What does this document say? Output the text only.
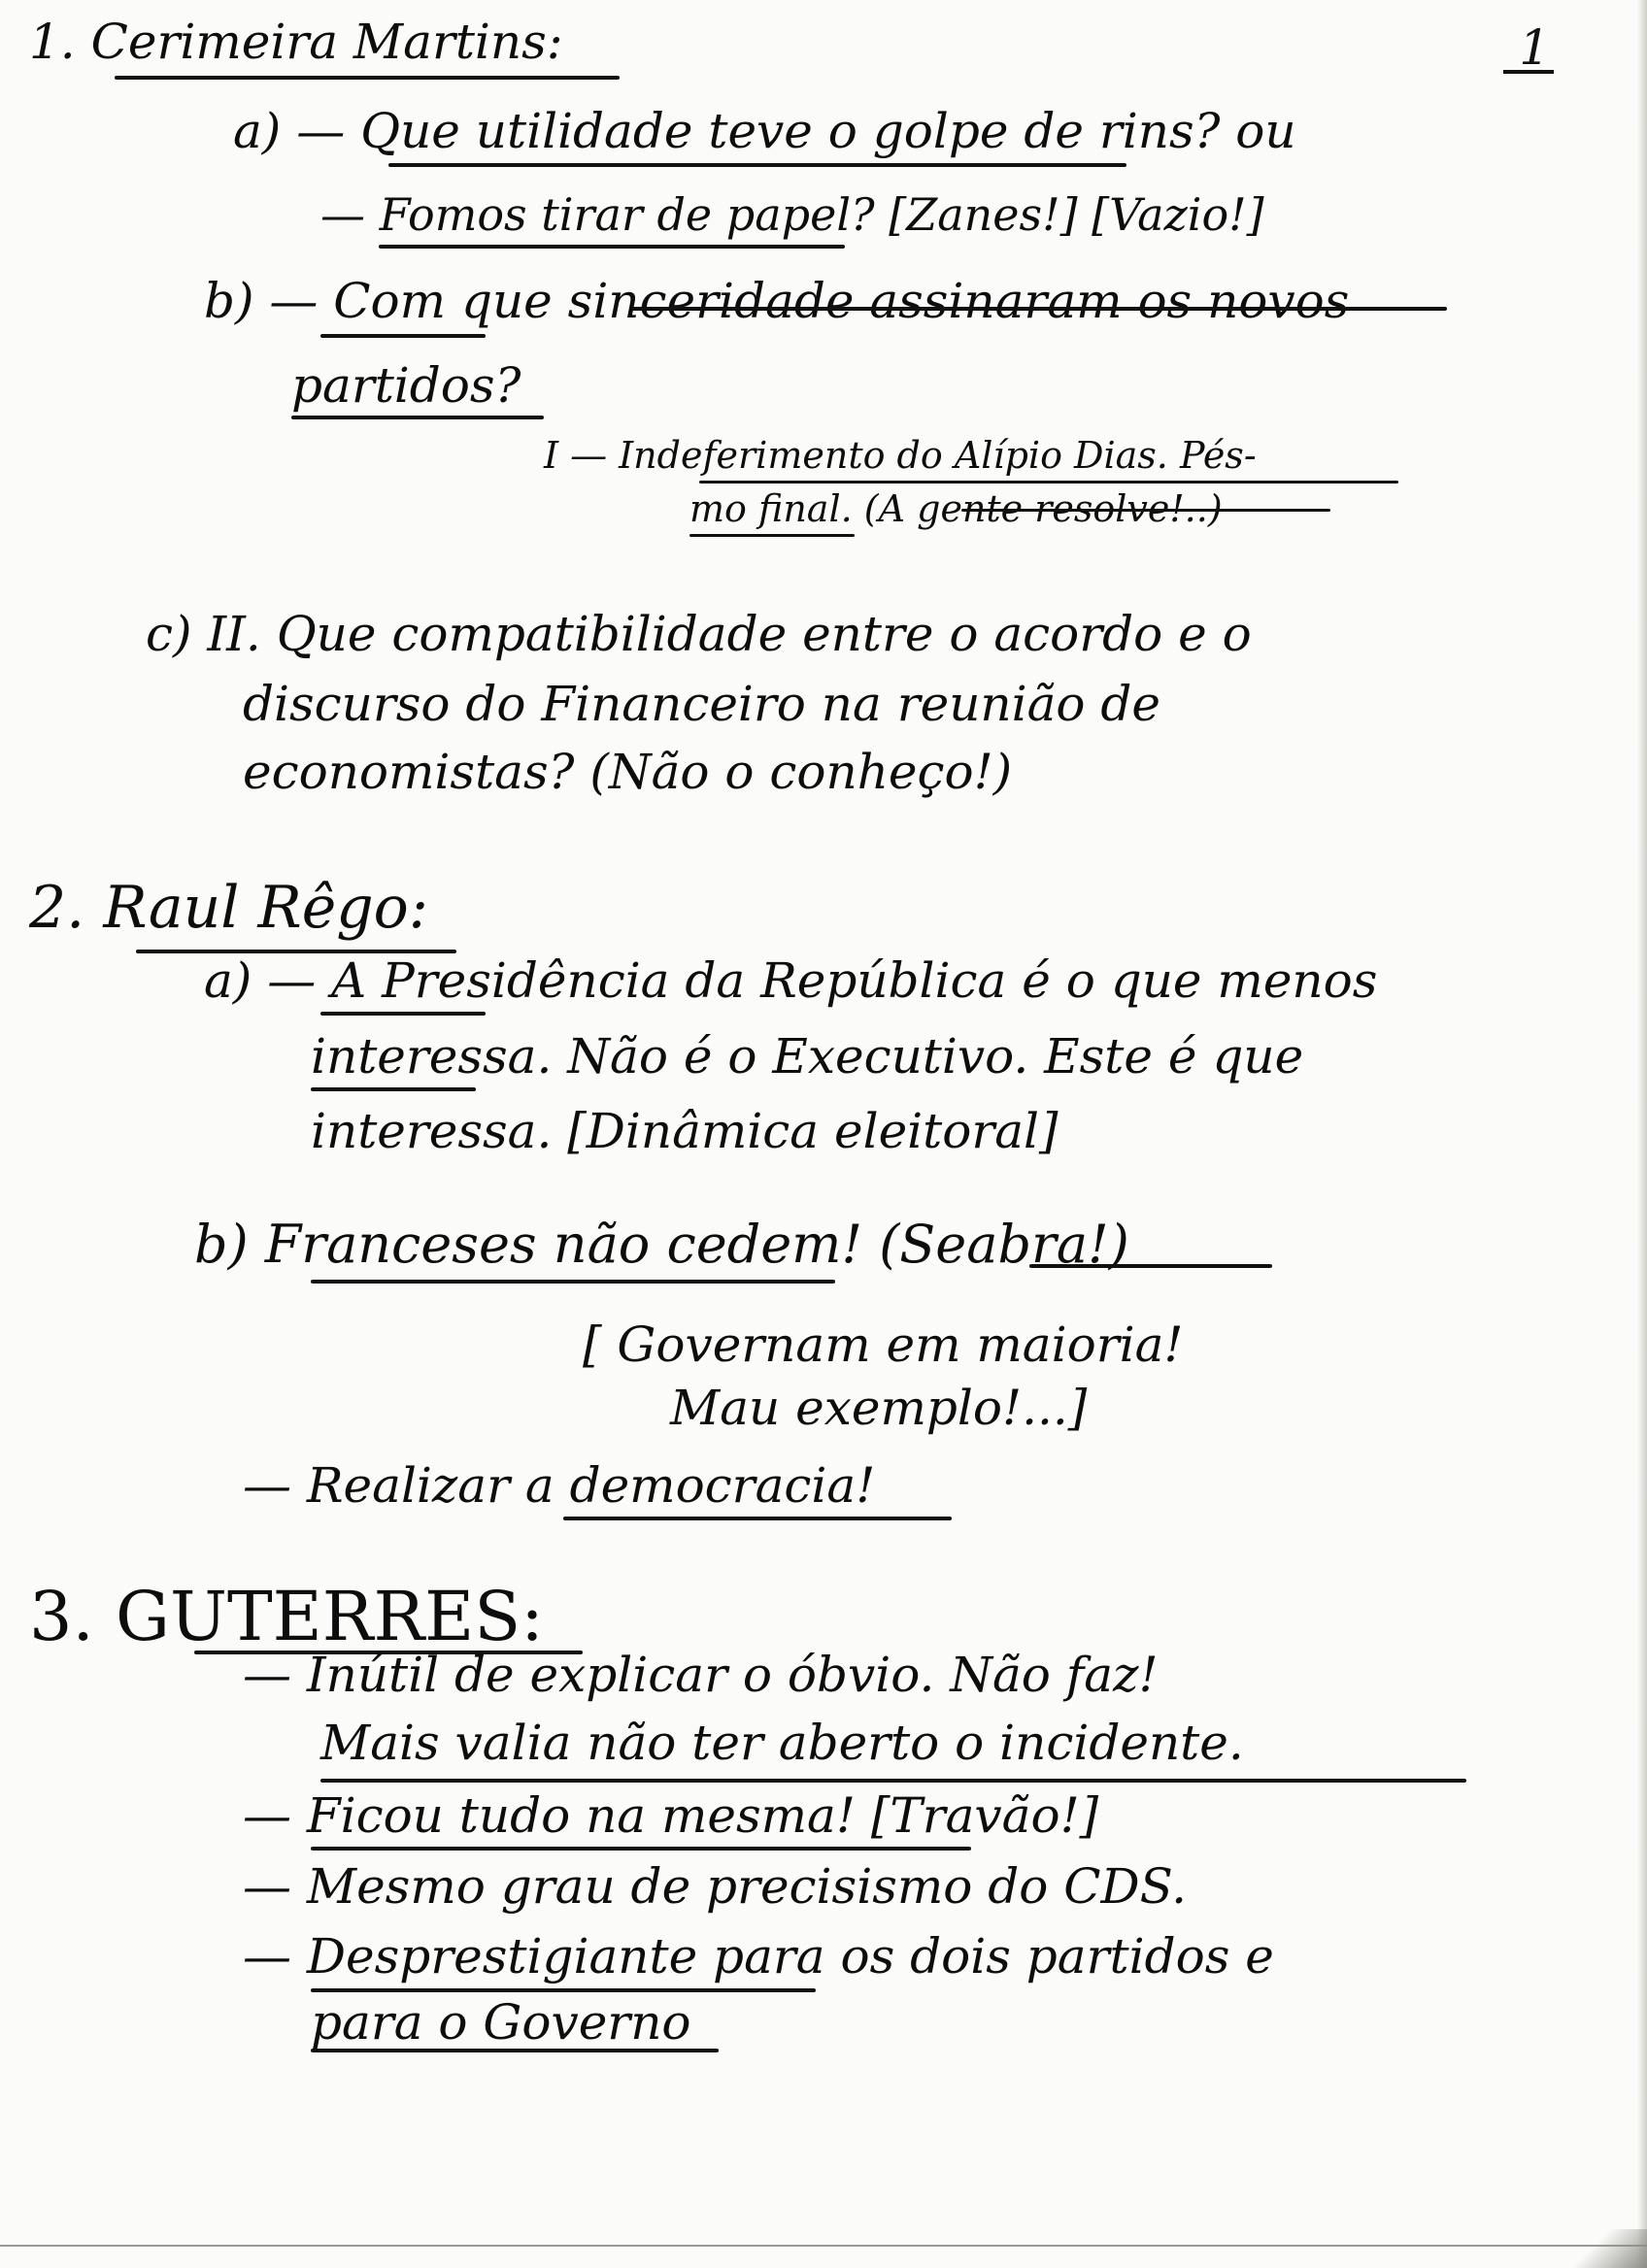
1
1. Cerimeira Martins:
a) — Que utilidade teve o golpe de rins? ou
— Fomos tirar de papel? [Zanes!] [Vazio!]
b) — Com que sinceridade assinaram os novos
partidos?
I — Indeferimento do Alípio Dias. Pés-
mo final. (A gente resolve!..)
c) II. Que compatibilidade entre o acordo e o
discurso do Financeiro na reunião de
economistas? (Não o conheço!)
2. Raul Rêgo:
a) — A Presidência da República é o que menos
interessa. Não é o Executivo. Este é que
interessa. [Dinâmica eleitoral]
b) Franceses não cedem! (Seabra!)
[ Governam em maioria!
Mau exemplo!...]
— Realizar a democracia!
3. GUTERRES:
— Inútil de explicar o óbvio. Não faz!
Mais valia não ter aberto o incidente.
— Ficou tudo na mesma! [Travão!]
— Mesmo grau de precisismo do CDS.
— Desprestigiante para os dois partidos e
para o Governo
